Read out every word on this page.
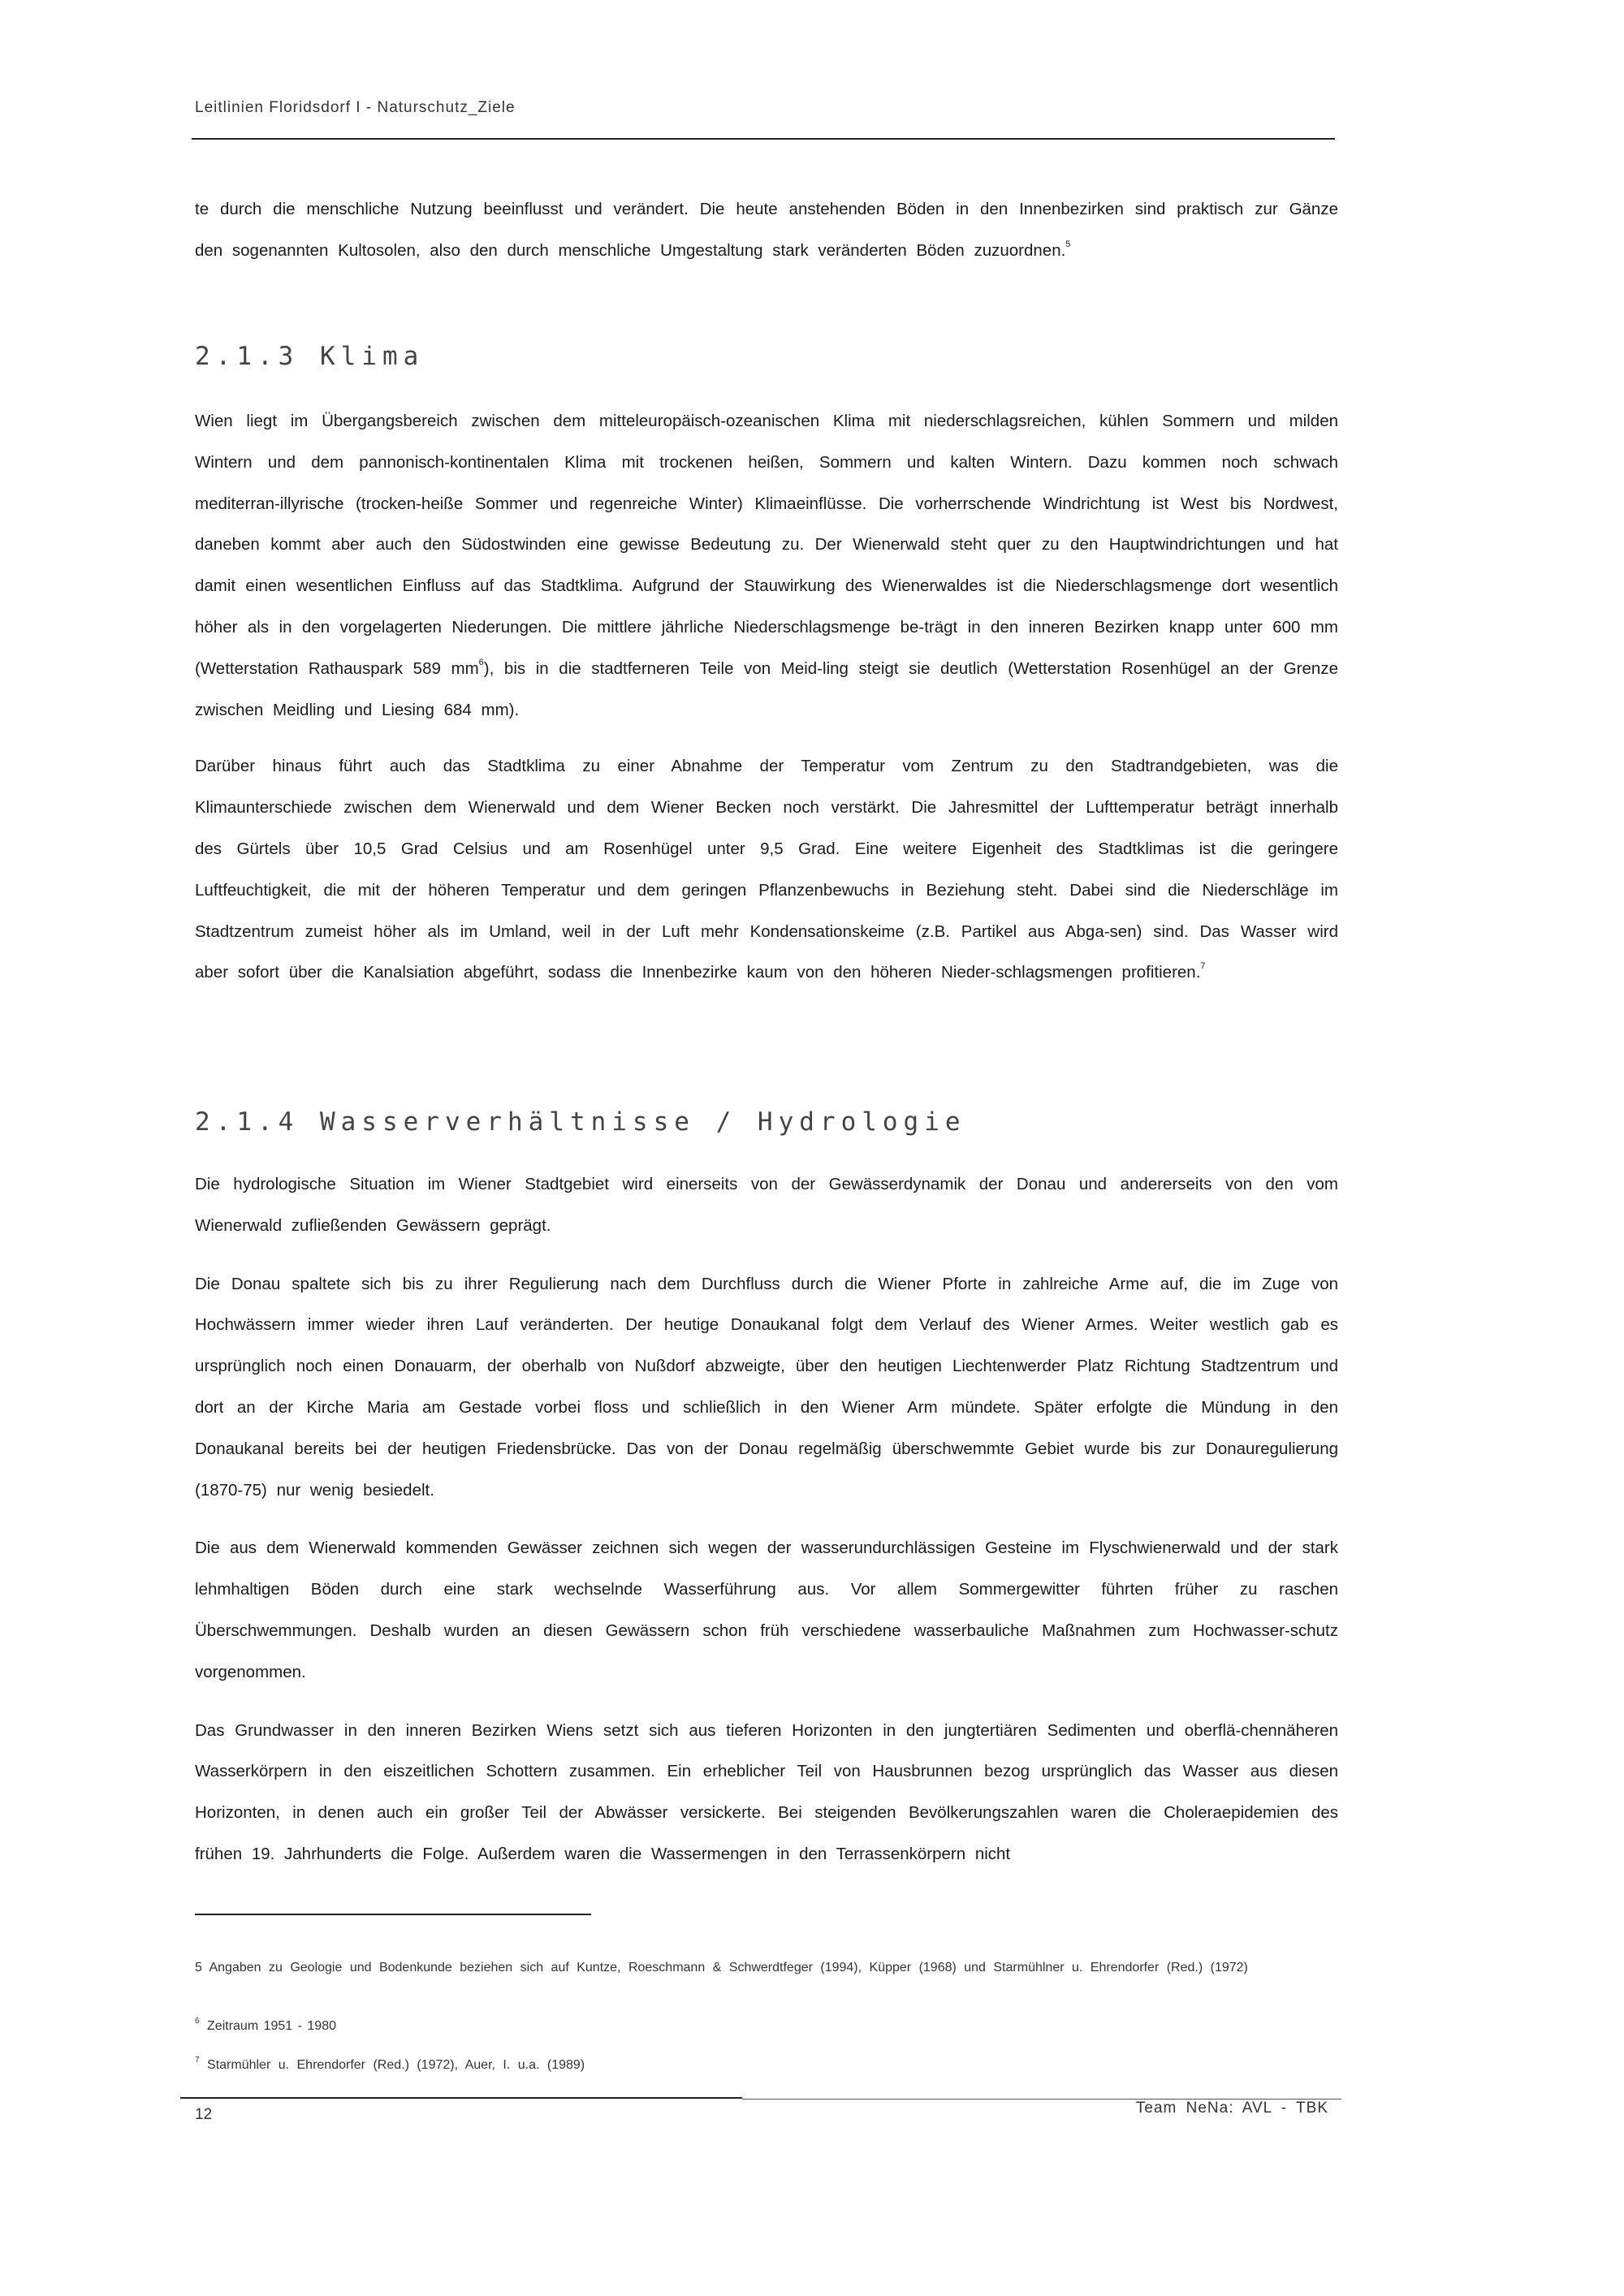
Leitlinien Floridsdorf I - Naturschutz_Ziele

te durch die menschliche Nutzung beeinflusst und verändert. Die heute anstehenden Böden in den Innenbezirken sind praktisch zur Gänze den sogenannten Kultosolen, also den durch menschliche Umgestaltung stark veränderten Böden zuzuordnen.$^5$

2.1.3 Klima

Wien liegt im Übergangsbereich zwischen dem mitteleuropäisch-ozeanischen Klima mit niederschlagsreichen, kühlen Sommern und milden Wintern und dem pannonisch-kontinentalen Klima mit trockenen heißen, Sommern und kalten Wintern. Dazu kommen noch schwach mediterran-illyrische (trocken-heiße Sommer und regenreiche Winter) Klimaeinflüsse. Die vorherrschende Windrichtung ist West bis Nordwest, daneben kommt aber auch den Südostwinden eine gewisse Bedeutung zu. Der Wienerwald steht quer zu den Hauptwindrichtungen und hat damit einen wesentlichen Einfluss auf das Stadtklima. Aufgrund der Stauwirkung des Wienerwaldes ist die Niederschlagsmenge dort wesentlich höher als in den vorgelagerten Niederungen. Die mittlere jährliche Niederschlagsmenge be-trägt in den inneren Bezirken knapp unter 600 mm (Wetterstation Rathauspark 589 $mm^6$), bis in die stadtferneren Teile von Meid-ling steigt sie deutlich (Wetterstation Rosenhügel an der Grenze zwischen Meidling und Liesing 684 mm).

Darüber hinaus führt auch das Stadtklima zu einer Abnahme der Temperatur vom Zentrum zu den Stadtrandgebieten, was die Klimaunterschiede zwischen dem Wienerwald und dem Wiener Becken noch verstärkt. Die Jahresmittel der Lufttemperatur beträgt innerhalb des Gürtels über 10,5 Grad Celsius und am Rosenhügel unter 9,5 Grad. Eine weitere Eigenheit des Stadtklimas ist die geringere Luftfeuchtigkeit, die mit der höheren Temperatur und dem geringen Pflanzenbewuchs in Beziehung steht. Dabei sind die Niederschläge im Stadtzentrum zumeist höher als im Umland, weil in der Luft mehr Kondensationskeime (z.B. Partikel aus Abga-sen) sind. Das Wasser wird aber sofort über die Kanalsiation abgeführt, sodass die Innenbezirke kaum von den höheren Nieder-schlagsmengen profitieren.$^7$

2.1.4 Wasserverhältnisse / Hydrologie

Die hydrologische Situation im Wiener Stadtgebiet wird einerseits von der Gewässerdynamik der Donau und andererseits von den vom Wienerwald zufließenden Gewässern geprägt.

Die Donau spaltete sich bis zu ihrer Regulierung nach dem Durchfluss durch die Wiener Pforte in zahlreiche Arme auf, die im Zuge von Hochwässern immer wieder ihren Lauf veränderten. Der heutige Donaukanal folgt dem Verlauf des Wiener Armes. Weiter westlich gab es ursprünglich noch einen Donauarm, der oberhalb von Nußdorf abzweigte, über den heutigen Liechtenwerder Platz Richtung Stadtzentrum und dort an der Kirche Maria am Gestade vorbei floss und schließlich in den Wiener Arm mündete. Später erfolgte die Mündung in den Donaukanal bereits bei der heutigen Friedensbrücke. Das von der Donau regelmäßig überschwemmte Gebiet wurde bis zur Donauregulierung (1870-75) nur wenig besiedelt.

Die aus dem Wienerwald kommenden Gewässer zeichnen sich wegen der wasserundurchlässigen Gesteine im Flyschwienerwald und der stark lehmhaltigen Böden durch eine stark wechselnde Wasserführung aus. Vor allem Sommergewitter führten früher zu raschen Überschwemmungen. Deshalb wurden an diesen Gewässern schon früh verschiedene wasserbauliche Maßnahmen zum Hochwasser-schutz vorgenommen.

Das Grundwasser in den inneren Bezirken Wiens setzt sich aus tieferen Horizonten in den jungtertiären Sedimenten und oberflä-chennäheren Wasserkörpern in den eiszeitlichen Schottern zusammen. Ein erheblicher Teil von Hausbrunnen bezog ursprünglich das Wasser aus diesen Horizonten, in denen auch ein großer Teil der Abwässer versickerte. Bei steigenden Bevölkerungszahlen waren die Choleraepidemien des frühen 19. Jahrhunderts die Folge. Außerdem waren die Wassermengen in den Terrassenkörpern nicht

5 Angaben zu Geologie und Bodenkunde beziehen sich auf Kuntze, Roeschmann & Schwerdtfeger (1994), Küpper (1968) und Starmühlner u. Ehrendorfer (Red.) (1972)
$^6$ Zeitraum 1951 - 1980
$^7$ Starmühler u. Ehrendorfer (Red.) (1972), Auer, I. u.a. (1989)
12	Team NeNa: AVL - TBK
